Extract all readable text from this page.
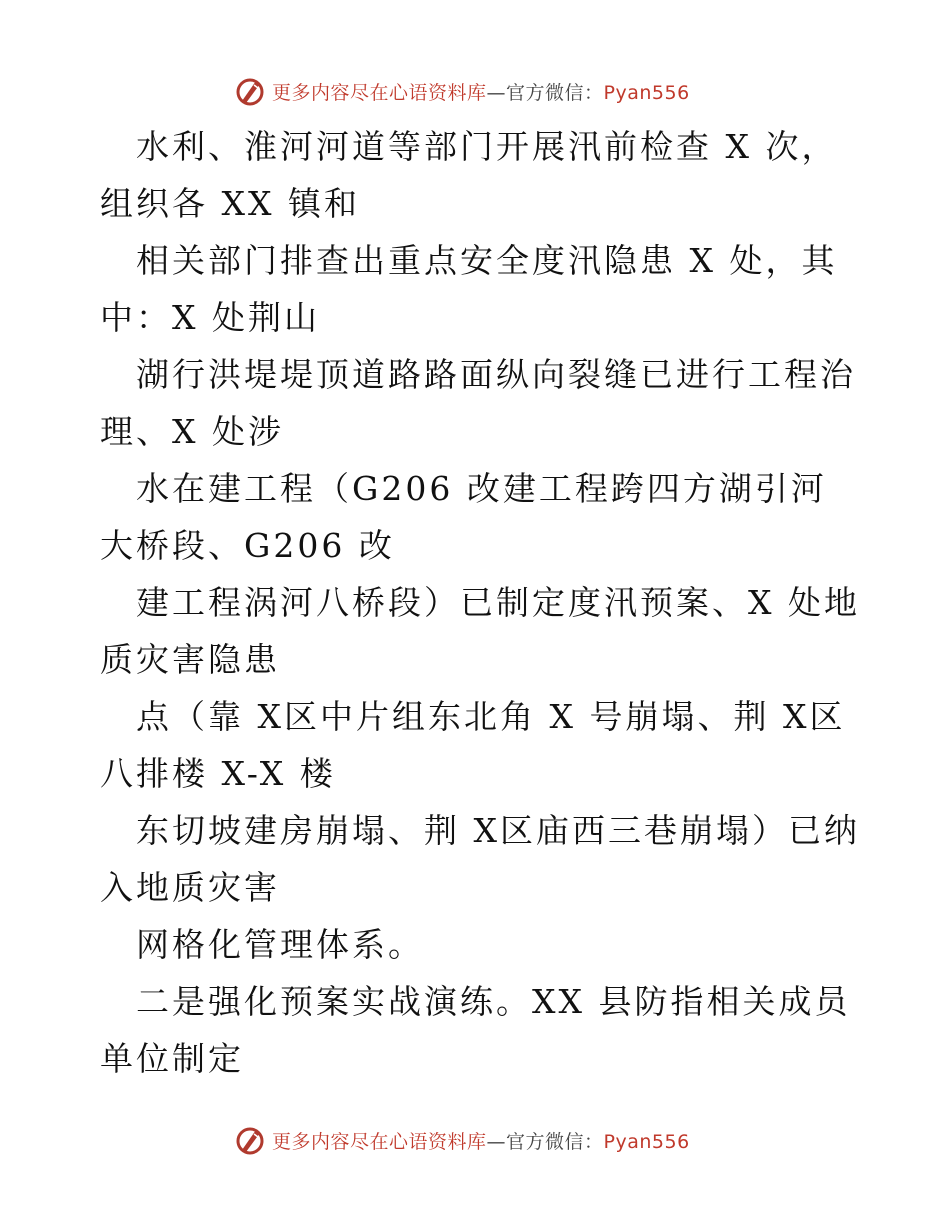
更多内容尽在心语资料库—官方微信：Pyan556

水利、淮河河道等部门开展汛前检查 X 次，组织各 XX 镇和

相关部门排查出重点安全度汛隐患 X 处，其中：X 处荆山

湖行洪堤堤顶道路路面纵向裂缝已进行工程治理、X 处涉

水在建工程（G206 改建工程跨四方湖引河大桥段、G206 改

建工程涡河八桥段）已制定度汛预案、X 处地质灾害隐患

点（靠 X区中片组东北角 X 号崩塌、荆 X区八排楼 X-X 楼

东切坡建房崩塌、荆 X区庙西三巷崩塌）已纳入地质灾害

网格化管理体系。

二是强化预案实战演练。XX 县防指相关成员单位制定

更多内容尽在心语资料库—官方微信：Pyan556
